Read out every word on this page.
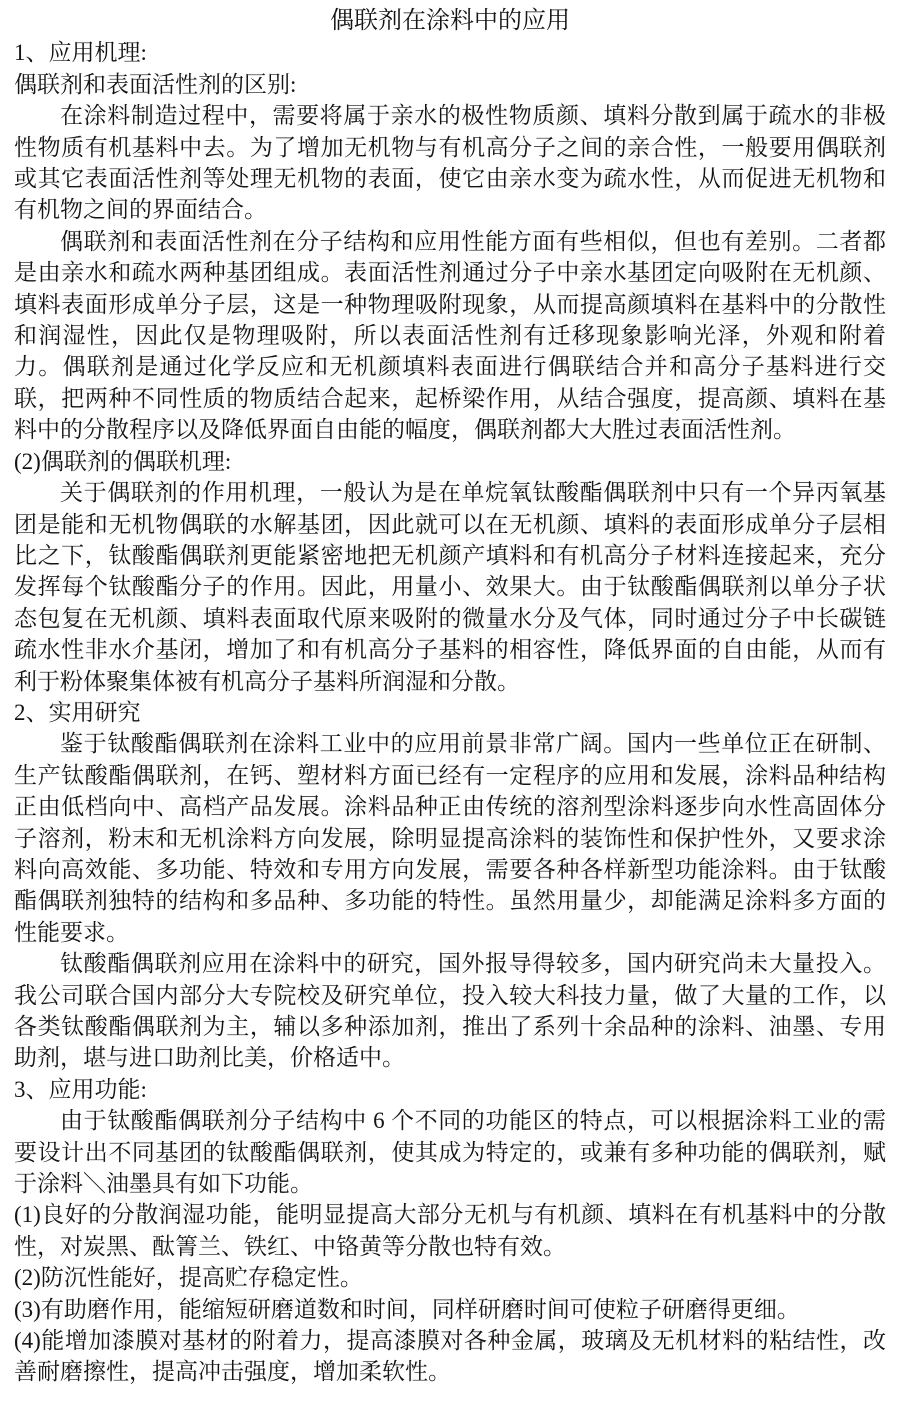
偶联剂在涂料中的应用

1、应用机理:

偶联剂和表面活性剂的区别:

在涂料制造过程中，需要将属于亲水的极性物质颜、填料分散到属于疏水的非极性物质有机基料中去。为了增加无机物与有机高分子之间的亲合性，一般要用偶联剂或其它表面活性剂等处理无机物的表面，使它由亲水变为疏水性，从而促进无机物和有机物之间的界面结合。

偶联剂和表面活性剂在分子结构和应用性能方面有些相似，但也有差别。二者都是由亲水和疏水两种基团组成。表面活性剂通过分子中亲水基团定向吸附在无机颜、填料表面形成单分子层，这是一种物理吸附现象，从而提高颜填料在基料中的分散性和润湿性，因此仅是物理吸附，所以表面活性剂有迁移现象影响光泽，外观和附着力。偶联剂是通过化学反应和无机颜填料表面进行偶联结合并和高分子基料进行交联，把两种不同性质的物质结合起来，起桥梁作用，从结合强度，提高颜、填料在基料中的分散程序以及降低界面自由能的幅度，偶联剂都大大胜过表面活性剂。

(2)偶联剂的偶联机理:

关于偶联剂的作用机理，一般认为是在单烷氧钛酸酯偶联剂中只有一个异丙氧基团是能和无机物偶联的水解基团，因此就可以在无机颜、填料的表面形成单分子层相比之下，钛酸酯偶联剂更能紧密地把无机颜产填料和有机高分子材料连接起来，充分发挥每个钛酸酯分子的作用。因此，用量小、效果大。由于钛酸酯偶联剂以单分子状态包复在无机颜、填料表面取代原来吸附的微量水分及气体，同时通过分子中长碳链疏水性非水介基闭，增加了和有机高分子基料的相容性，降低界面的自由能，从而有利于粉体聚集体被有机高分子基料所润湿和分散。

2、实用研究

鉴于钛酸酯偶联剂在涂料工业中的应用前景非常广阔。国内一些单位正在研制、生产钛酸酯偶联剂，在钙、塑材料方面已经有一定程序的应用和发展，涂料品种结构正由低档向中、高档产品发展。涂料品种正由传统的溶剂型涂料逐步向水性高固体分子溶剂，粉末和无机涂料方向发展，除明显提高涂料的装饰性和保护性外，又要求涂料向高效能、多功能、特效和专用方向发展，需要各种各样新型功能涂料。由于钛酸酯偶联剂独特的结构和多品种、多功能的特性。虽然用量少，却能满足涂料多方面的性能要求。

钛酸酯偶联剂应用在涂料中的研究，国外报导得较多，国内研究尚未大量投入。我公司联合国内部分大专院校及研究单位，投入较大科技力量，做了大量的工作，以各类钛酸酯偶联剂为主，辅以多种添加剂，推出了系列十余品种的涂料、油墨、专用助剂，堪与进口助剂比美，价格适中。

3、应用功能:

由于钛酸酯偶联剂分子结构中 6 个不同的功能区的特点，可以根据涂料工业的需要设计出不同基团的钛酸酯偶联剂，使其成为特定的，或兼有多种功能的偶联剂，赋于涂料＼油墨具有如下功能。

(1)良好的分散润湿功能，能明显提高大部分无机与有机颜、填料在有机基料中的分散性，对炭黑、酞箐兰、铁红、中铬黄等分散也特有效。

(2)防沉性能好，提高贮存稳定性。

(3)有助磨作用，能缩短研磨道数和时间，同样研磨时间可使粒子研磨得更细。

(4)能增加漆膜对基材的附着力，提高漆膜对各种金属，玻璃及无机材料的粘结性，改善耐磨擦性，提高冲击强度，增加柔软性。
